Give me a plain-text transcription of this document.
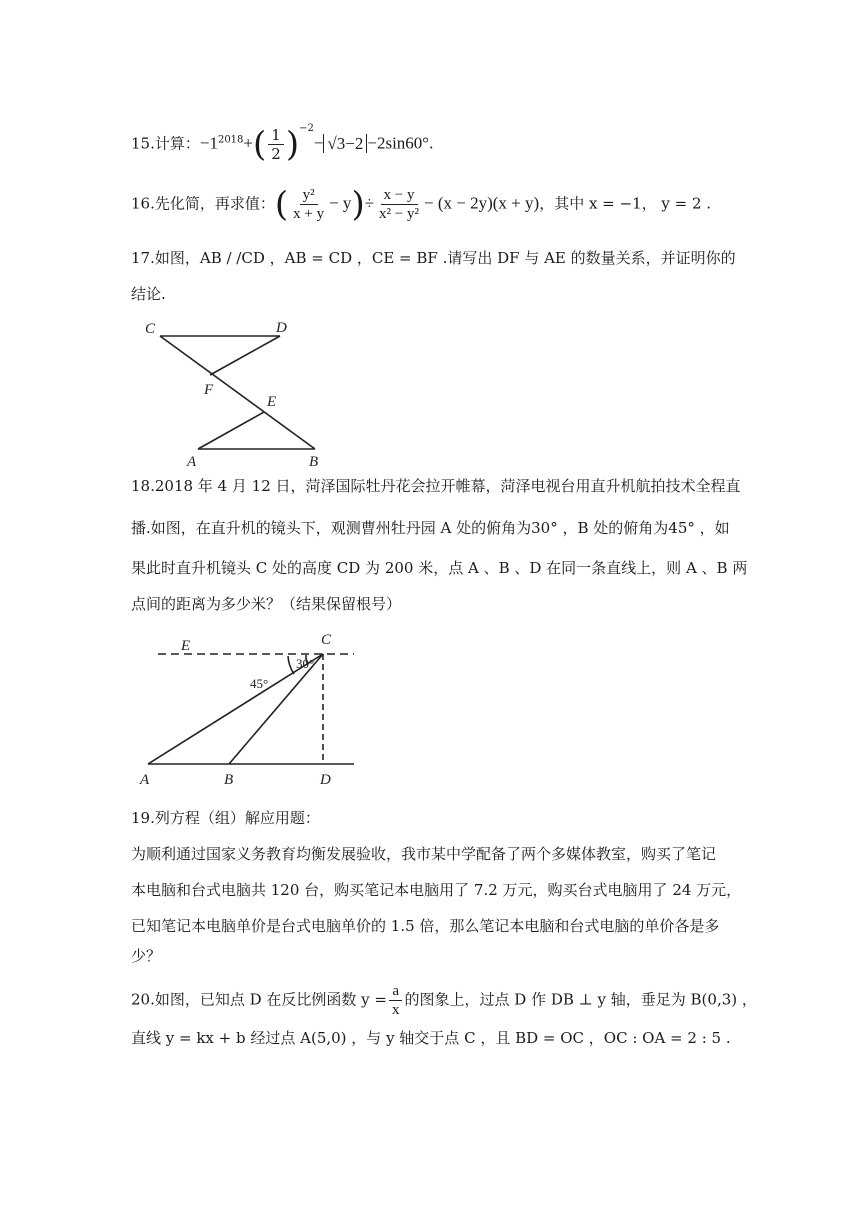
15.计算：$-1^{2018}+( \frac{1}{2} )^{-2}- √3-2 -2\sin 60^\circ$.
16.先化简，再求值：( $\frac{\text{y²}}{x + y} - y)\div \frac{x - y}{\text{x² − y²}} - (x - 2y)(x + y)$，其中 x = −1， y = 2 .
17.如图，AB / /CD ，AB = CD ，CE = BF .请写出 DF 与 AE 的数量关系，并证明你的
结论.
C	D
F
E
A	B
18.2018 年 4 月 12 日，菏泽国际牡丹花会拉开帷幕，菏泽电视台用直升机航拍技术全程直
播.如图，在直升机的镜头下，观测曹州牡丹园 A 处的俯角为30° ，B 处的俯角为45° ，如
果此时直升机镜头 C 处的高度 CD 为 200 米，点 A 、B 、D 在同一条直线上，则 A 、B 两
点间的距离为多少米？（结果保留根号）
E	C
A	B	D
30°
45°
19.列方程（组）解应用题：
为顺利通过国家义务教育均衡发展验收，我市某中学配备了两个多媒体教室，购买了笔记
本电脑和台式电脑共 120 台，购买笔记本电脑用了 7.2 万元，购买台式电脑用了 24 万元，
已知笔记本电脑单价是台式电脑单价的 1.5 倍，那么笔记本电脑和台式电脑的单价各是多
少？
20.如图，已知点 D 在反比例函数 $y = \frac{a}{x}$ 的图象上，过点 D 作 DB ⊥ y 轴，垂足为 B(0,3) ，
直线 y = kx + b 经过点 A(5,0) ，与 y 轴交于点 C ，且 BD = OC ，OC : OA = 2 : 5 .
